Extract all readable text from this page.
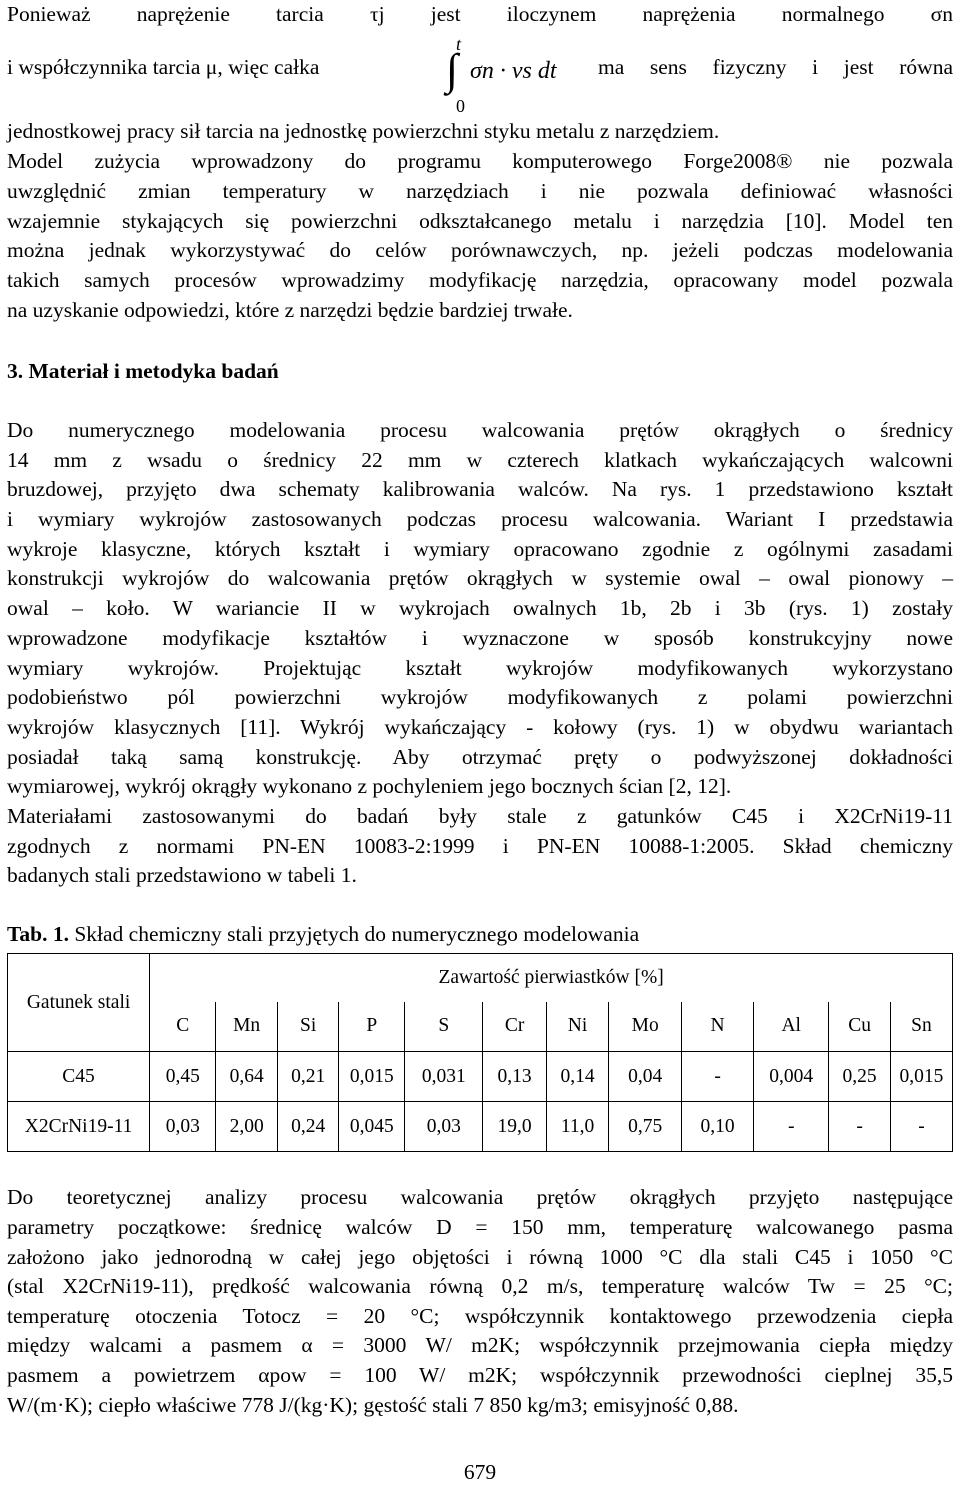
Ponieważ naprężenie tarcia τj jest iloczynem naprężenia normalnego σn
i współczynnika tarcia μ, więc całka
t
∫ σn · vs dt
0
ma sens fizyczny i jest równa
jednostkowej pracy sił tarcia na jednostkę powierzchni styku metalu z narzędziem.
Model zużycia wprowadzony do programu komputerowego Forge2008® nie pozwala
uwzględnić zmian temperatury w narzędziach i nie pozwala definiować własności
wzajemnie stykających się powierzchni odkształcanego metalu i narzędzia [10]. Model ten
można jednak wykorzystywać do celów porównawczych, np. jeżeli podczas modelowania
takich samych procesów wprowadzimy modyfikację narzędzia, opracowany model pozwala
na uzyskanie odpowiedzi, które z narzędzi będzie bardziej trwałe.
3. Materiał i metodyka badań
Do numerycznego modelowania procesu walcowania prętów okrągłych o średnicy
14 mm z wsadu o średnicy 22 mm w czterech klatkach wykańczających walcowni
bruzdowej, przyjęto dwa schematy kalibrowania walców. Na rys. 1 przedstawiono kształt
i wymiary wykrojów zastosowanych podczas procesu walcowania. Wariant I przedstawia
wykroje klasyczne, których kształt i wymiary opracowano zgodnie z ogólnymi zasadami
konstrukcji wykrojów do walcowania prętów okrągłych w systemie owal – owal pionowy –
owal – koło. W wariancie II w wykrojach owalnych 1b, 2b i 3b (rys. 1) zostały
wprowadzone modyfikacje kształtów i wyznaczone w sposób konstrukcyjny nowe
wymiary wykrojów. Projektując kształt wykrojów modyfikowanych wykorzystano
podobieństwo pól powierzchni wykrojów modyfikowanych z polami powierzchni
wykrojów klasycznych [11]. Wykrój wykańczający - kołowy (rys. 1) w obydwu wariantach
posiadał taką samą konstrukcję. Aby otrzymać pręty o podwyższonej dokładności
wymiarowej, wykrój okrągły wykonano z pochyleniem jego bocznych ścian [2, 12].
Materiałami zastosowanymi do badań były stale z gatunków C45 i X2CrNi19-11
zgodnych z normami PN-EN 10083-2:1999 i PN-EN 10088-1:2005. Skład chemiczny
badanych stali przedstawiono w tabeli 1.
Tab. 1. Skład chemiczny stali przyjętych do numerycznego modelowania
Gatunek stali	Zawartość pierwiastków [%]											
	C	Mn	Si	P	S	Cr	Ni	Mo	N	Al	Cu	Sn
C45	0,45	0,64	0,21	0,015	0,031	0,13	0,14	0,04	-	0,004	0,25	0,015
X2CrNi19-11	0,03	2,00	0,24	0,045	0,03	19,0	11,0	0,75	0,10	-	-	-
Do teoretycznej analizy procesu walcowania prętów okrągłych przyjęto następujące
parametry początkowe: średnicę walców D = 150 mm, temperaturę walcowanego pasma
założono jako jednorodną w całej jego objętości i równą 1000 °C dla stali C45 i 1050 °C
(stal X2CrNi19-11), prędkość walcowania równą 0,2 m/s, temperaturę walców Tw = 25 °C;
temperaturę otoczenia Totocz = 20 °C; współczynnik kontaktowego przewodzenia ciepła
między walcami a pasmem α = 3000 W/ m2K; współczynnik przejmowania ciepła między
pasmem a powietrzem αpow = 100 W/ m2K; współczynnik przewodności cieplnej 35,5
W/(m·K); ciepło właściwe 778 J/(kg·K); gęstość stali 7 850 kg/m3; emisyjność 0,88.
679
